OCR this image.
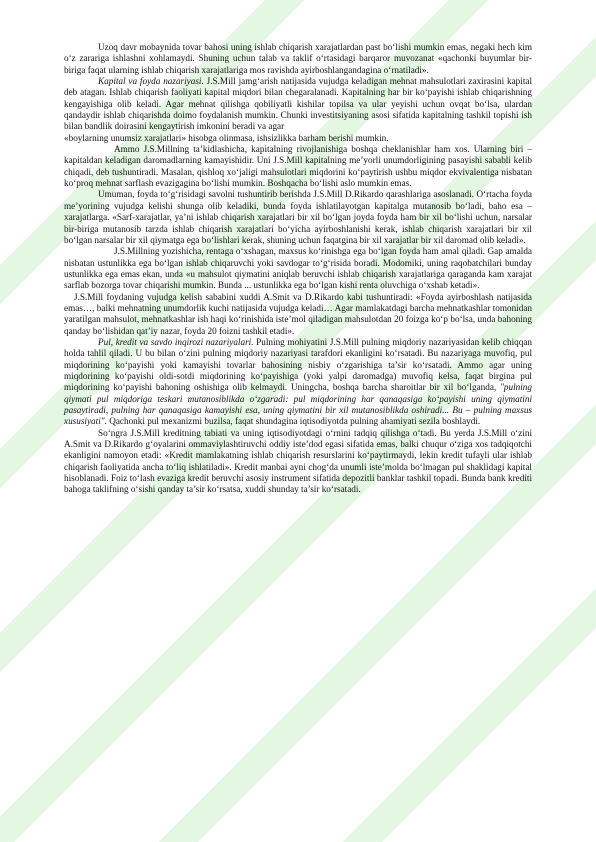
Uzoq davr mobaynida tovar bahosi uning ishlab chiqarish xarajatlardan past bo‘lishi mumkin emas, negaki hech kim o‘z zarariga ishlashni xohlamaydi. Shuning uchun talab va taklif o‘rtasidagi barqaror muvozanat «qachonki buyumlar bir-biriga faqat ularning ishlab chiqarish xarajatlariga mos ravishda ayirboshlangandagina o‘rnatiladi».

Kapital va foyda nazariyasi. J.S.Mill jamg‘arish natijasida vujudga keladigan mehnat mahsulotlari zaxirasini kapital deb atagan. Ishlab chiqarish faoliyati kapital miqdori bilan chegaralanadi. Kapitalning har bir ko‘payishi ishlab chiqarishning kengayishiga olib keladi. Agar mehnat qilishga qobiliyatli kishilar topilsa va ular yeyishi uchun ovqat bo‘lsa, ulardan qandaydir ishlab chiqarishda doimo foydalanish mumkin. Chunki investitsiyaning asosi sifatida kapitalning tashkil topishi ish bilan bandlik doirasini kengaytirish imkonini beradi va agar

«boylarning unumsiz xarajatlari» hisobga olinmasa, ishsizlikka barham berishi mumkin.

Ammo J.S.Millning ta’kidlashicha, kapitalning rivojlanishiga boshqa cheklanishlar ham xos. Ularning biri – kapitaldan keladigan daromadlarning kamayishidir. Uni J.S.Mill kapitalning me’yorli unumdorligining pasayishi sababli kelib chiqadi, deb tushuntiradi. Masalan, qishloq xo‘jaligi mahsulotlari miqdorini ko‘paytirish ushbu miqdor ekvivalentiga nisbatan ko‘proq mehnat sarflash evazigagina bo‘lishi mumkin. Boshqacha bo‘lishi aslo mumkin emas.

Umuman, foyda to‘g‘risidagi savolni tushuntirib berishda J.S.Mill D.Rikardo qarashlariga asoslanadi. O‘rtacha foyda me’yorining vujudga kelishi shunga olib keladiki, bunda foyda ishlatilayotgan kapitalga mutanosib bo‘ladi, baho esa – xarajatlarga. «Sarf-xarajatlar, ya’ni ishlab chiqarish xarajatlari bir xil bo‘lgan joyda foyda ham bir xil bo‘lishi uchun, narsalar bir-biriga mutanosib tarzda ishlab chiqarish xarajatlari bo‘yicha ayirboshlanishi kerak, ishlab chiqarish xarajatlari bir xil bo‘lgan narsalar bir xil qiymatga ega bo‘lishlari kerak, shuning uchun faqatgina bir xil xarajatlar bir xil daromad olib keladi».

J.S.Millning yozishicha, rentaga o‘xshagan, maxsus ko‘rinishga ega bo‘lgan foyda ham amal qiladi. Gap amalda nisbatan ustunlikka ega bo‘lgan ishlab chiqaruvchi yoki savdogar to‘g‘risida boradi. Modomiki, uning raqobatchilari bunday ustunlikka ega emas ekan, unda «u mahsulot qiymatini aniqlab beruvchi ishlab chiqarish xarajatlariga qaraganda kam xarajat sarflab bozorga tovar chiqarishi mumkin. Bunda ... ustunlikka ega bo‘lgan kishi renta oluvchiga o‘xshab ketadi».

J.S.Mill foydaning vujudga kelish sababini xuddi A.Smit va D.Rikardo kabi tushuntiradi: «Foyda ayirboshlash natijasida emas…, balki mehnatning unumdorlik kuchi natijasida vujudga keladi… Agar mamlakatdagi barcha mehnatkashlar tomonidan yaratilgan mahsulot, mehnatkashlar ish haqi ko‘rinishida iste’mol qiladigan mahsulotdan 20 foizga ko‘p bo‘lsa, unda bahoning qanday bo‘lishidan qat’iy nazar, foyda 20 foizni tashkil etadi».

Pul, kredit va savdo inqirozi nazariyalari. Pulning mohiyatini J.S.Mill pulning miqdoriy nazariyasidan kelib chiqqan holda tahlil qiladi. U bu bilan o‘zini pulning miqdoriy nazariyasi tarafdori ekanligini ko‘rsatadi. Bu nazariyaga muvofiq, pul miqdorining ko‘payishi yoki kamayishi tovarlar bahosining nisbiy o‘zgarishiga ta’sir ko‘rsatadi. Ammo agar uning miqdorining ko‘payishi oldi-sotdi miqdorining ko‘payishiga (yoki yalpi daromadga) muvofiq kelsa, faqat birgina pul miqdorining ko‘payishi bahoning oshishiga olib kelmaydi. Uningcha, boshqa barcha sharoitlar bir xil bo‘lganda, "pulning qiymati pul miqdoriga teskari mutanosiblikda o‘zgaradi: pul miqdorining har qanaqasiga ko‘payishi uning qiymatini pasaytiradi, pulning har qanaqasiga kamayishi esa, uning qiymatini bir xil mutanosiblikda oshiradi... Bu – pulning maxsus xususiyati". Qachonki pul mexanizmi buzilsa, faqat shundagina iqtisodiyotda pulning ahamiyati sezila boshlaydi.

So‘ngra J.S.Mill kreditning tabiati va uning iqtisodiyotdagi o‘rnini tadqiq qilishga o‘tadi. Bu yerda J.S.Mill o‘zini A.Smit va D.Rikardo g‘oyalarini ommaviylashtiruvchi oddiy iste’dod egasi sifatida emas, balki chuqur o‘ziga xos tadqiqotchi ekanligini namoyon etadi: «Kredit mamlakatning ishlab chiqarish resurslarini ko‘paytirmaydi, lekin kredit tufayli ular ishlab chiqarish faoliyatida ancha to‘liq ishlatiladi». Kredit manbai ayni chog‘da unumli iste’molda bo‘lmagan pul shaklidagi kapital hisoblanadi. Foiz to‘lash evaziga kredit beruvchi asosiy instrument sifatida depozitli banklar tashkil topadi. Bunda bank krediti bahoga taklifning o‘sishi qanday ta’sir ko‘rsatsa, xuddi shunday ta’sir ko‘rsatadi.
